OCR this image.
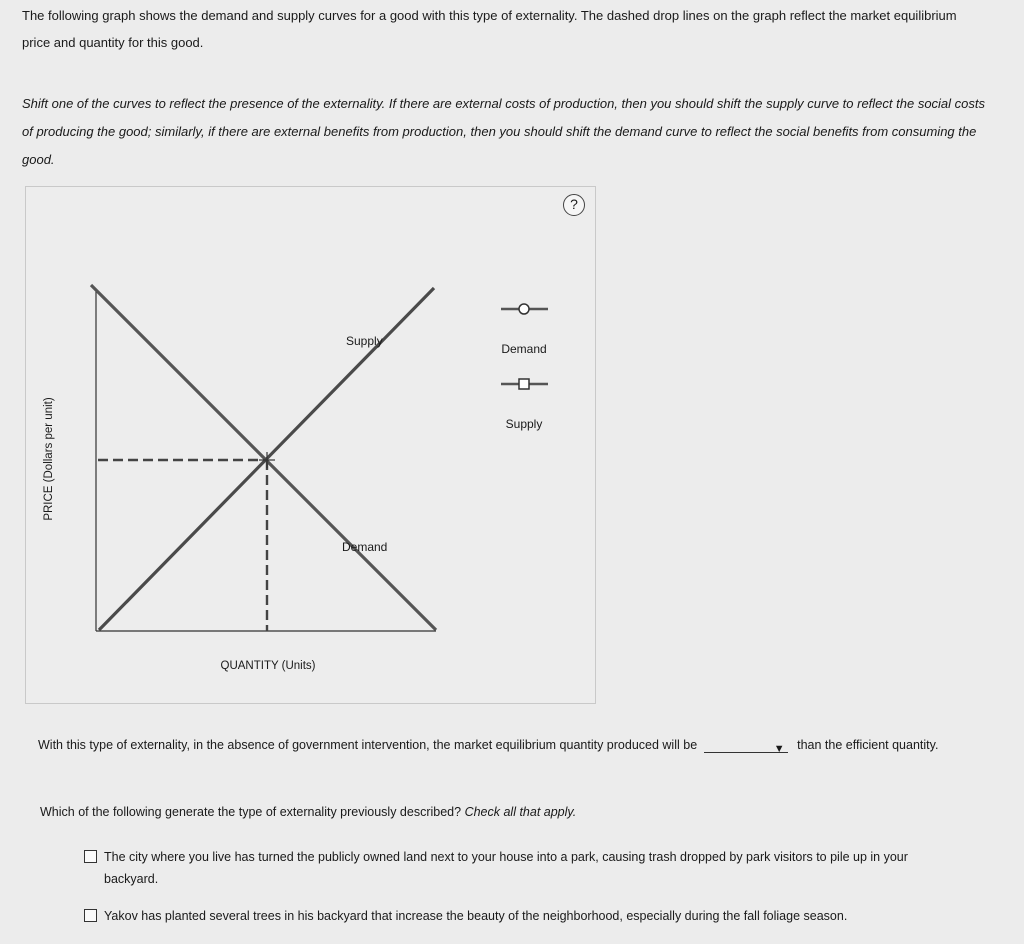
The following graph shows the demand and supply curves for a good with this type of externality. The dashed drop lines on the graph reflect the market equilibrium price and quantity for this good.
Shift one of the curves to reflect the presence of the externality. If there are external costs of production, then you should shift the supply curve to reflect the social costs of producing the good; similarly, if there are external benefits from production, then you should shift the demand curve to reflect the social benefits from consuming the good.
PRICE (Dollars per unit)
Supply
Demand
Demand
Supply
QUANTITY (Units)
?
With this type of externality, in the absence of government intervention, the market equilibrium quantity produced will be	▼ than the efficient quantity.
Which of the following generate the type of externality previously described? Check all that apply.
The city where you live has turned the publicly owned land next to your house into a park, causing trash dropped by park visitors to pile up in your backyard.
Yakov has planted several trees in his backyard that increase the beauty of the neighborhood, especially during the fall foliage season.
